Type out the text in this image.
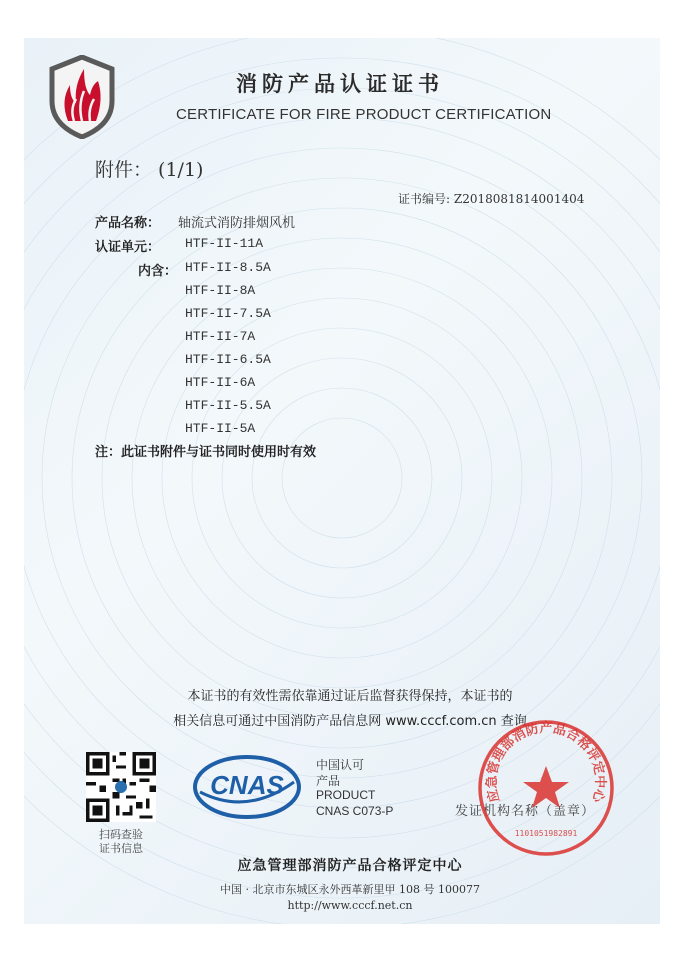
消防产品认证证书
CERTIFICATE FOR FIRE PRODUCT CERTIFICATION
附件： (1/1)
证书编号: Z2018081814001404
产品名称： 轴流式消防排烟风机
认证单元： HTF-II-11A
内含： HTF-II-8.5A
HTF-II-8A
HTF-II-7.5A
HTF-II-7A
HTF-II-6.5A
HTF-II-6A
HTF-II-5.5A
HTF-II-5A
注：此证书附件与证书同时使用时有效
本证书的有效性需依靠通过证后监督获得保持，本证书的
相关信息可通过中国消防产品信息网 www.cccf.com.cn 查询
扫码查验
证书信息
CNAS
中国认可
产品
PRODUCT
CNAS C073-P	发证机构名称（盖章）
应急管理部消防产品合格评定中心
1101051982891
应急管理部消防产品合格评定中心
中国 · 北京市东城区永外西革新里甲 108 号 100077
http://www.cccf.net.cn
